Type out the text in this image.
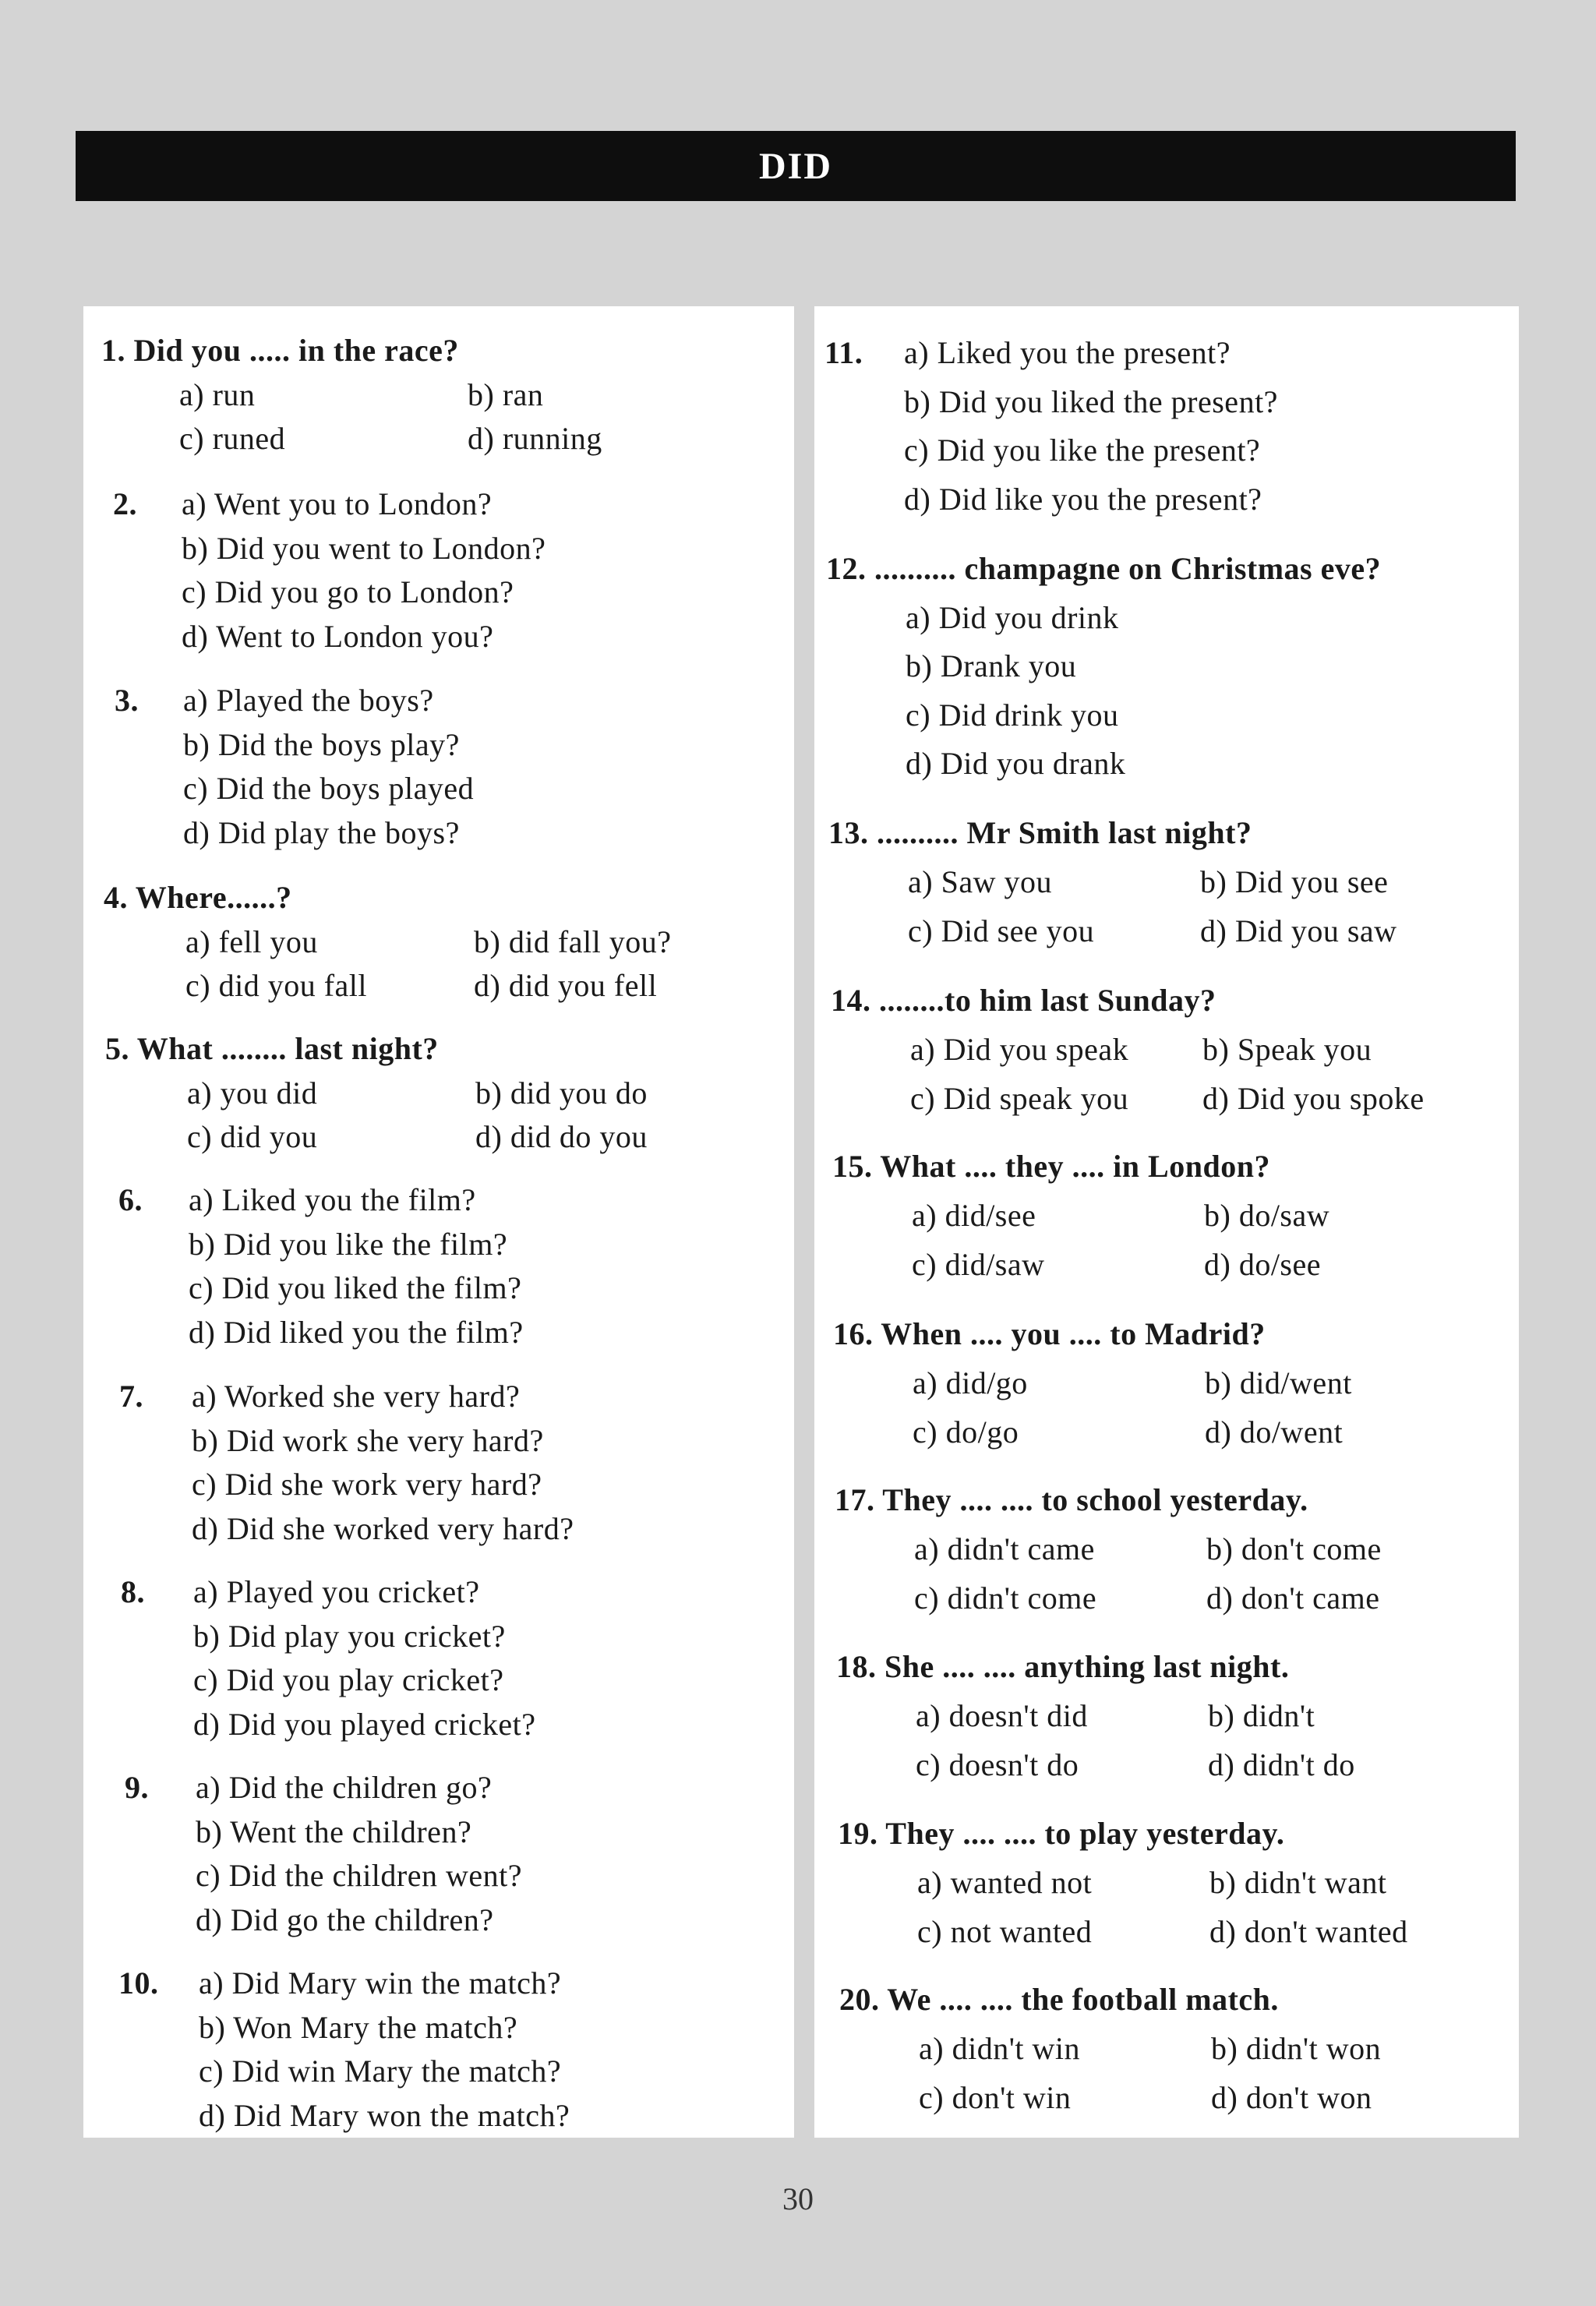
DID
1. Did you ..... in the race?
a) run	b) ran
c) runed	d) running
2.	a) Went you to London?
b) Did you went to London?
c) Did you go to London?
d) Went to London you?
3.	a) Played the boys?
b) Did the boys play?
c) Did the boys played
d) Did play the boys?
4. Where......?
a) fell you	b) did fall you?
c) did you fall	d) did you fell
5. What ........ last night?
a) you did	b) did you do
c) did you	d) did do you
6.	a) Liked you the film?
b) Did you like the film?
c) Did you liked the film?
d) Did liked you the film?
7.	a) Worked she very hard?
b) Did work she very hard?
c) Did she work very hard?
d) Did she worked very hard?
8.	a) Played you cricket?
b) Did play you cricket?
c) Did you play cricket?
d) Did you played cricket?
9.	a) Did the children go?
b) Went the children?
c) Did the children went?
d) Did go the children?
10.	a) Did Mary win the match?
b) Won Mary the match?
c) Did win Mary the match?
d) Did Mary won the match?
11.	a) Liked you the present?
b) Did you liked the present?
c) Did you like the present?
d) Did like you the present?
12. .......... champagne on Christmas eve?
a) Did you drink
b) Drank you
c) Did drink you
d) Did you drank
13. .......... Mr Smith last night?
a) Saw you	b) Did you see
c) Did see you	d) Did you saw
14. ........to him last Sunday?
a) Did you speak	b) Speak you
c) Did speak you	d) Did you spoke
15. What .... they .... in London?
a) did/see	b) do/saw
c) did/saw	d) do/see
16. When .... you .... to Madrid?
a) did/go	b) did/went
c) do/go	d) do/went
17. They .... .... to school yesterday.
a) didn't came	b) don't come
c) didn't come	d) don't came
18. She .... .... anything last night.
a) doesn't did	b) didn't
c) doesn't do	d) didn't do
19. They .... .... to play yesterday.
a) wanted not	b) didn't want
c) not wanted	d) don't wanted
20. We .... .... the football match.
a) didn't win	b) didn't won
c) don't win	d) don't won
30
